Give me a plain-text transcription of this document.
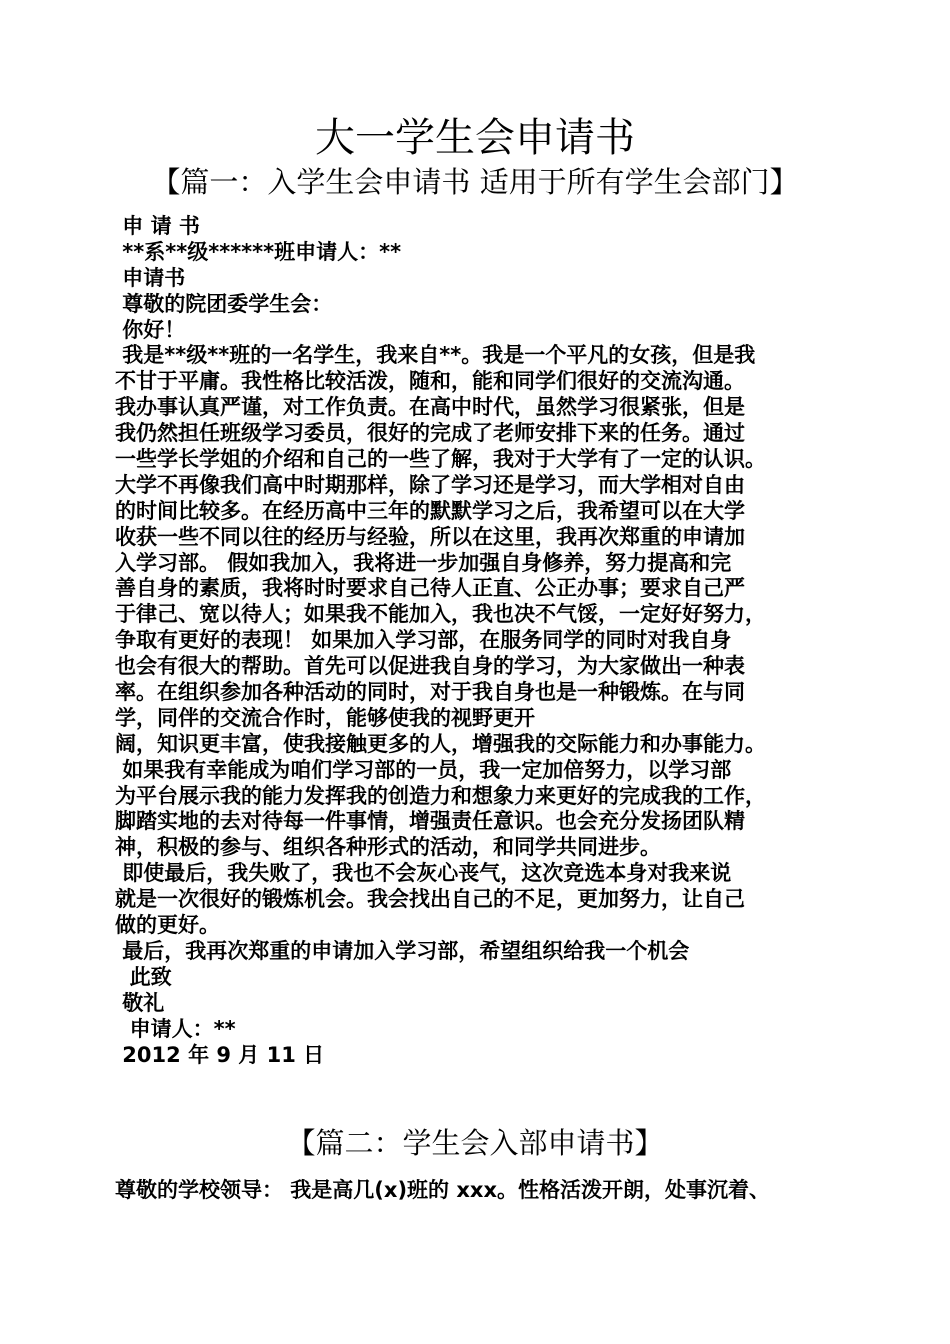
大一学生会申请书
【篇一：入学生会申请书 适用于所有学生会部门】
申 请 书
**系**级******班申请人：**
申请书
尊敬的院团委学生会：
你好！
我是**级**班的一名学生，我来自**。我是一个平凡的女孩，但是我
不甘于平庸。我性格比较活泼，随和，能和同学们很好的交流沟通。
我办事认真严谨，对工作负责。在高中时代，虽然学习很紧张，但是
我仍然担任班级学习委员，很好的完成了老师安排下来的任务。通过
一些学长学姐的介绍和自己的一些了解，我对于大学有了一定的认识。
大学不再像我们高中时期那样，除了学习还是学习，而大学相对自由
的时间比较多。在经历高中三年的默默学习之后，我希望可以在大学
收获一些不同以往的经历与经验，所以在这里，我再次郑重的申请加
入学习部。 假如我加入，我将进一步加强自身修养，努力提高和完
善自身的素质，我将时时要求自己待人正直、公正办事；要求自己严
于律己、宽以待人；如果我不能加入，我也决不气馁，一定好好努力，
争取有更好的表现！ 如果加入学习部，在服务同学的同时对我自身
也会有很大的帮助。首先可以促进我自身的学习，为大家做出一种表
率。在组织参加各种活动的同时，对于我自身也是一种锻炼。在与同
学，同伴的交流合作时，能够使我的视野更开
阔，知识更丰富，使我接触更多的人，增强我的交际能力和办事能力。
如果我有幸能成为咱们学习部的一员，我一定加倍努力，以学习部
为平台展示我的能力发挥我的创造力和想象力来更好的完成我的工作，
脚踏实地的去对待每一件事情，增强责任意识。也会充分发扬团队精
神，积极的参与、组织各种形式的活动，和同学共同进步。
即使最后，我失败了，我也不会灰心丧气，这次竞选本身对我来说
就是一次很好的锻炼机会。我会找出自己的不足，更加努力，让自己
做的更好。
最后，我再次郑重的申请加入学习部，希望组织给我一个机会
此致
敬礼
申请人：**
2012 年 9 月 11 日
【篇二：学生会入部申请书】
尊敬的学校领导： 我是高几(x)班的 xxx。性格活泼开朗，处事沉着、
